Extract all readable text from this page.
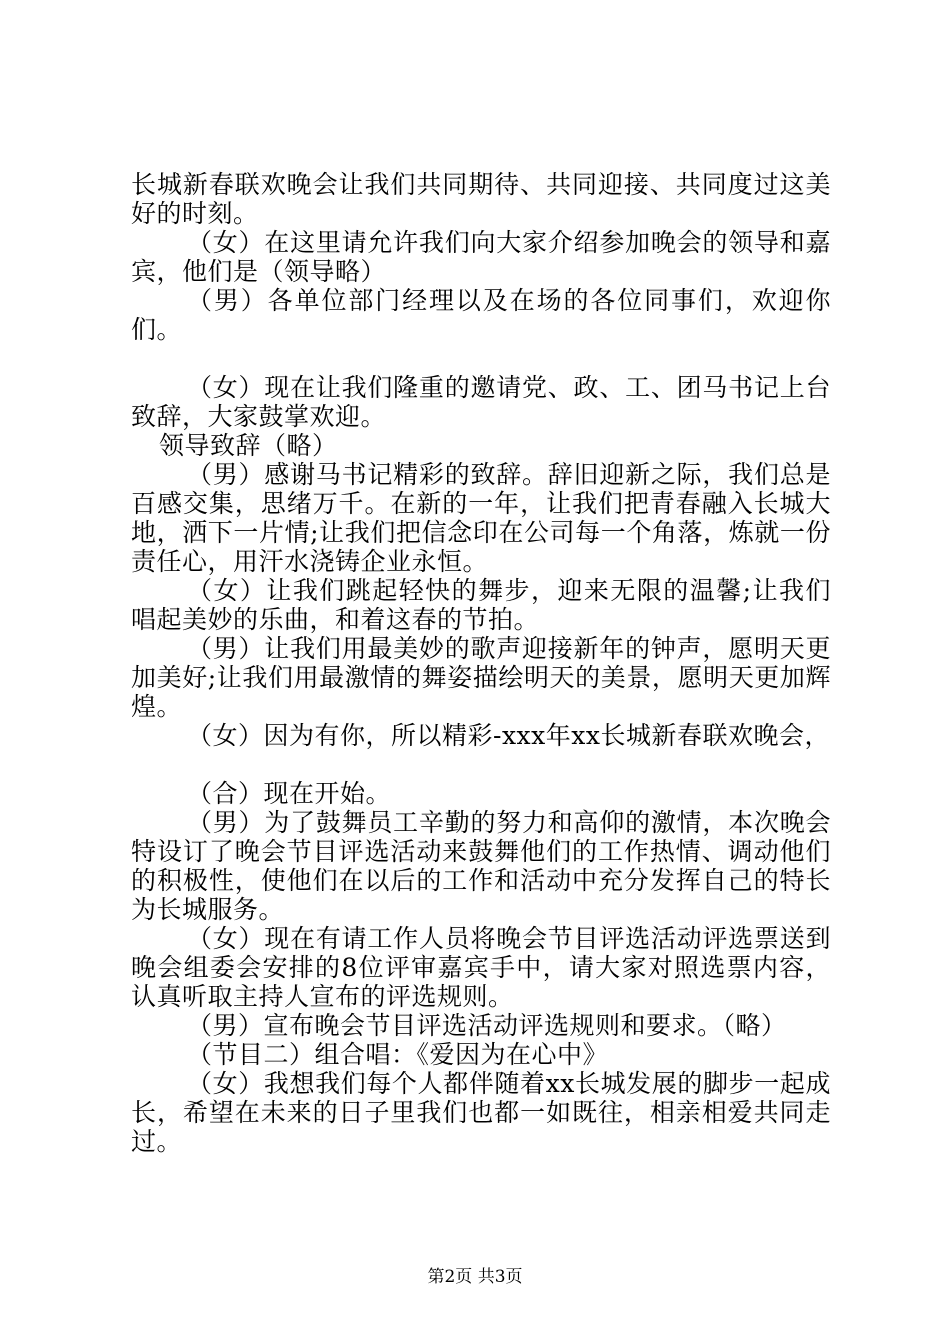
长城新春联欢晚会让我们共同期待、共同迎接、共同度过这美好的时刻。

（女）在这里请允许我们向大家介绍参加晚会的领导和嘉宾，他们是（领导略）

（男）各单位部门经理以及在场的各位同事们，欢迎你们。

（女）现在让我们隆重的邀请党、政、工、团马书记上台致辞，大家鼓掌欢迎。

领导致辞（略）

（男）感谢马书记精彩的致辞。辞旧迎新之际，我们总是百感交集，思绪万千。在新的一年，让我们把青春融入长城大地，洒下一片情;让我们把信念印在公司每一个角落，炼就一份责任心，用汗水浇铸企业永恒。

（女）让我们跳起轻快的舞步，迎来无限的温馨;让我们唱起美妙的乐曲，和着这春的节拍。

（男）让我们用最美妙的歌声迎接新年的钟声，愿明天更加美好;让我们用最激情的舞姿描绘明天的美景，愿明天更加辉煌。

（女）因为有你，所以精彩-xxx年xx长城新春联欢晚会，

（合）现在开始。

（男）为了鼓舞员工辛勤的努力和高仰的激情，本次晚会特设订了晚会节目评选活动来鼓舞他们的工作热情、调动他们的积极性，使他们在以后的工作和活动中充分发挥自己的特长为长城服务。

（女）现在有请工作人员将晚会节目评选活动评选票送到晚会组委会安排的8位评审嘉宾手中，请大家对照选票内容，认真听取主持人宣布的评选规则。

（男）宣布晚会节目评选活动评选规则和要求。（略）

（节目二）组合唱：《爱因为在心中》

（女）我想我们每个人都伴随着xx长城发展的脚步一起成长，希望在未来的日子里我们也都一如既往，相亲相爱共同走过。

第2页 共3页
